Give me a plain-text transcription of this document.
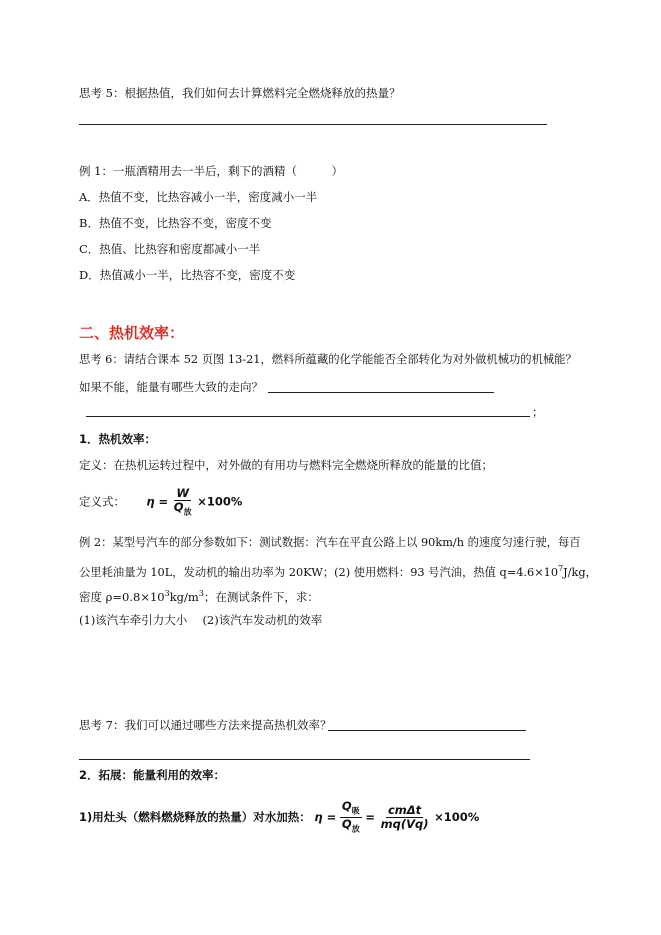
思考 5：根据热值，我们如何去计算燃料完全燃烧释放的热量？
例 1：一瓶酒精用去一半后，剩下的酒精（　　　）
A．热值不变，比热容减小一半，密度减小一半
B．热值不变，比热容不变，密度不变
C．热值、比热容和密度都减小一半
D．热值减小一半，比热容不变，密度不变
二、热机效率：
思考 6：请结合课本 52 页图 13-21，燃料所蕴藏的化学能能否全部转化为对外做机械功的机械能？
如果不能，能量有哪些大致的走向？
；
1．热机效率：
定义：在热机运转过程中，对外做的有用功与燃料完全燃烧所释放的能量的比值；
定义式： $\eta = \frac{W}{Q_放} \times 100\%$
例 2：某型号汽车的部分参数如下：测试数据：汽车在平直公路上以 90km/h 的速度匀速行驶，每百
公里耗油量为 10L，发动机的输出功率为 20KW；(2) 使用燃料：93 号汽油，热值 $q=4.6\times 10^7J/kg$，
密度 $\rho=0.8\times 10^3kg/m^3$；在测试条件下，求：
(1)该汽车牵引力大小　 (2)该汽车发动机的效率
思考 7：我们可以通过哪些方法来提高热机效率？
2．拓展：能量利用的效率：
1)用灶头（燃料燃烧释放的热量）对水加热： $\eta = \frac{Q_吸}{Q_放} = \frac{\text{cmΔt}}{mq(Vq)} \times 100\%$
